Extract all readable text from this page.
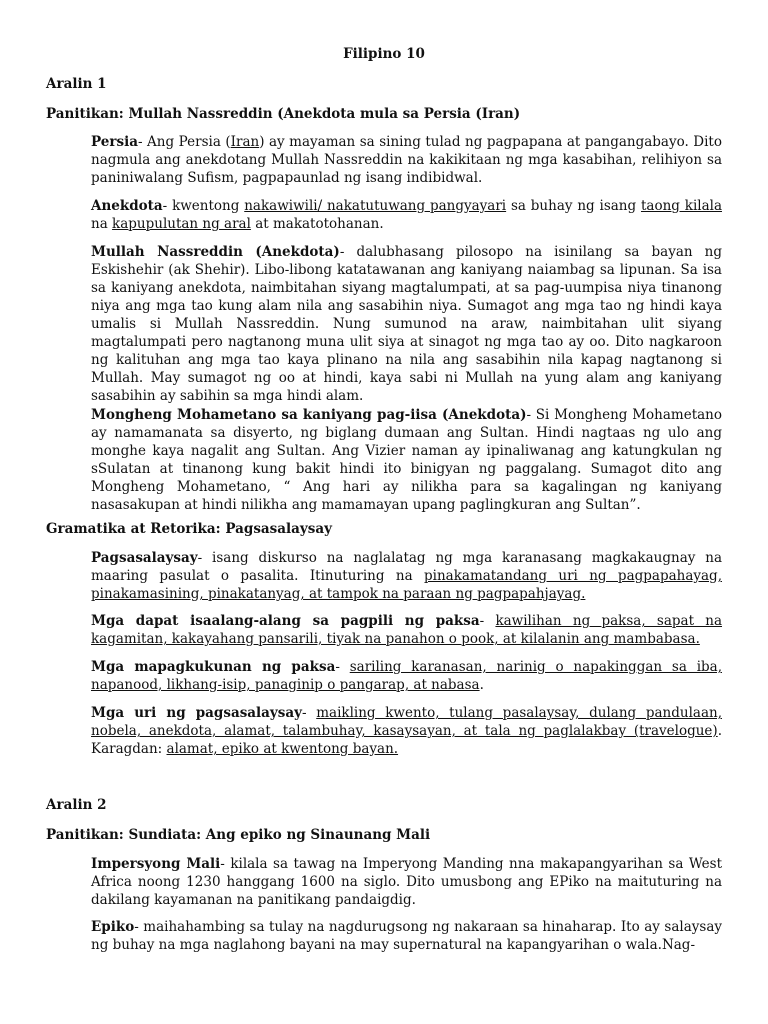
Filipino 10
Aralin 1
Panitikan: Mullah Nassreddin (Anekdota mula sa Persia (Iran)

Persia- Ang Persia (Iran) ay mayaman sa sining tulad ng pagpapana at pangangabayo. Dito nagmula ang anekdotang Mullah Nassreddin na kakikitaan ng mga kasabihan, relihiyon sa paniniwalang Sufism, pagpapaunlad ng isang indibidwal.

Anekdota- kwentong nakawiwili/ nakatutuwang pangyayari sa buhay ng isang taong kilala na kapupulutan ng aral at makatotohanan.

Mullah Nassreddin (Anekdota)- dalubhasang pilosopo na isinilang sa bayan ng Eskishehir (ak Shehir). Libo-libong katatawanan ang kaniyang naiambag sa lipunan. Sa isa sa kaniyang anekdota, naimbitahan siyang magtalumpati, at sa pag-uumpisa niya tinanong niya ang mga tao kung alam nila ang sasabihin niya. Sumagot ang mga tao ng hindi kaya umalis si Mullah Nassreddin. Nung sumunod na araw, naimbitahan ulit siyang magtalumpati pero nagtanong muna ulit siya at sinagot ng mga tao ay oo. Dito nagkaroon ng kalituhan ang mga tao kaya plinano na nila ang sasabihin nila kapag nagtanong si Mullah. May sumagot ng oo at hindi, kaya sabi ni Mullah na yung alam ang kaniyang sasabihin ay sabihin sa mga hindi alam.

Mongheng Mohametano sa kaniyang pag-iisa (Anekdota)- Si Mongheng Mohametano ay namamanata sa disyerto, ng biglang dumaan ang Sultan. Hindi nagtaas ng ulo ang monghe kaya nagalit ang Sultan. Ang Vizier naman ay ipinaliwanag ang katungkulan ng sSulatan at tinanong kung bakit hindi ito binigyan ng paggalang. Sumagot dito ang Mongheng Mohametano, “ Ang hari ay nilikha para sa kagalingan ng kaniyang nasasakupan at hindi nilikha ang mamamayan upang paglingkuran ang Sultan”.

Gramatika at Retorika: Pagsasalaysay

Pagsasalaysay- isang diskurso na naglalatag ng mga karanasang magkakaugnay na maaring pasulat o pasalita. Itinuturing na pinakamatandang uri ng pagpapahayag, pinakamasining, pinakatanyag, at tampok na paraan ng pagpapahjayag.

Mga dapat isaalang-alang sa pagpili ng paksa- kawilihan ng paksa, sapat na kagamitan, kakayahang pansarili, tiyak na panahon o pook, at kilalanin ang mambabasa.

Mga mapagkukunan ng paksa- sariling karanasan, narinig o napakinggan sa iba, napanood, likhang-isip, panaginip o pangarap, at nabasa.

Mga uri ng pagsasalaysay- maikling kwento, tulang pasalaysay, dulang pandulaan, nobela, anekdota, alamat, talambuhay, kasaysayan, at tala ng paglalakbay (travelogue). Karagdan: alamat, epiko at kwentong bayan.

Aralin 2
Panitikan: Sundiata: Ang epiko ng Sinaunang Mali

Impersyong Mali- kilala sa tawag na Imperyong Manding nna makapangyarihan sa West Africa noong 1230 hanggang 1600 na siglo. Dito umusbong ang EPiko na maituturing na dakilang kayamanan na panitikang pandaigdig.

Epiko- maihahambing sa tulay na nagdurugsong ng nakaraan sa hinaharap. Ito ay salaysay ng buhay na mga naglahong bayani na may supernatural na kapangyarihan o wala.Nag-
